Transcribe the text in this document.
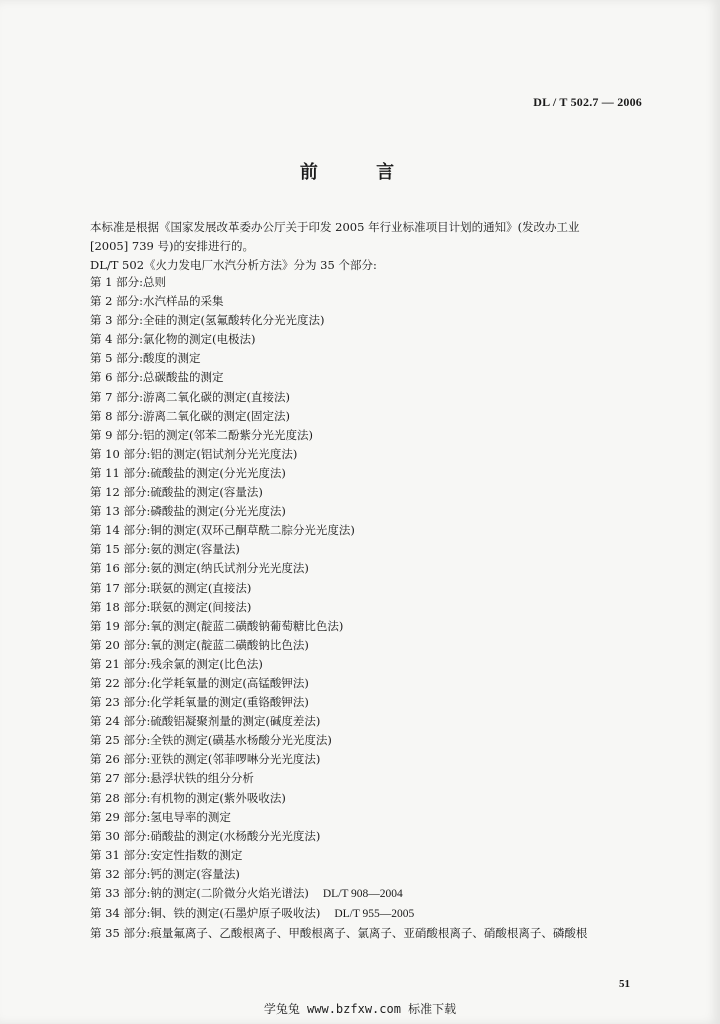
DL / T 502.7 — 2006
前 言

本标准是根据《国家发展改革委办公厅关于印发 2005 年行业标准项目计划的通知》(发改办工业

[2005] 739 号)的安排进行的。

DL/T 502《火力发电厂水汽分析方法》分为 35 个部分:

第 1 部分:总则
第 2 部分:水汽样品的采集
第 3 部分:全硅的测定(氢氟酸转化分光光度法)
第 4 部分:氯化物的测定(电极法)
第 5 部分:酸度的测定
第 6 部分:总碳酸盐的测定
第 7 部分:游离二氧化碳的测定(直接法)
第 8 部分:游离二氧化碳的测定(固定法)
第 9 部分:铝的测定(邻苯二酚紫分光光度法)
第 10 部分:铝的测定(铝试剂分光光度法)
第 11 部分:硫酸盐的测定(分光光度法)
第 12 部分:硫酸盐的测定(容量法)
第 13 部分:磷酸盐的测定(分光光度法)
第 14 部分:铜的测定(双环己酮草酰二腙分光光度法)
第 15 部分:氨的测定(容量法)
第 16 部分:氨的测定(纳氏试剂分光光度法)
第 17 部分:联氨的测定(直接法)
第 18 部分:联氨的测定(间接法)
第 19 部分:氧的测定(靛蓝二磺酸钠葡萄糖比色法)
第 20 部分:氧的测定(靛蓝二磺酸钠比色法)
第 21 部分:残余氯的测定(比色法)
第 22 部分:化学耗氧量的测定(高锰酸钾法)
第 23 部分:化学耗氧量的测定(重铬酸钾法)
第 24 部分:硫酸铝凝聚剂量的测定(碱度差法)
第 25 部分:全铁的测定(磺基水杨酸分光光度法)
第 26 部分:亚铁的测定(邻菲啰啉分光光度法)
第 27 部分:悬浮状铁的组分分析
第 28 部分:有机物的测定(紫外吸收法)
第 29 部分:氢电导率的测定
第 30 部分:硝酸盐的测定(水杨酸分光光度法)
第 31 部分:安定性指数的测定
第 32 部分:钙的测定(容量法)
第 33 部分:钠的测定(二阶微分火焰光谱法) DL/T 908—2004
第 34 部分:铜、铁的测定(石墨炉原子吸收法) DL/T 955—2005
第 35 部分:痕量氟离子、乙酸根离子、甲酸根离子、氯离子、亚硝酸根离子、硝酸根离子、磷酸根
51
学兔兔 www.bzfxw.com 标准下载
